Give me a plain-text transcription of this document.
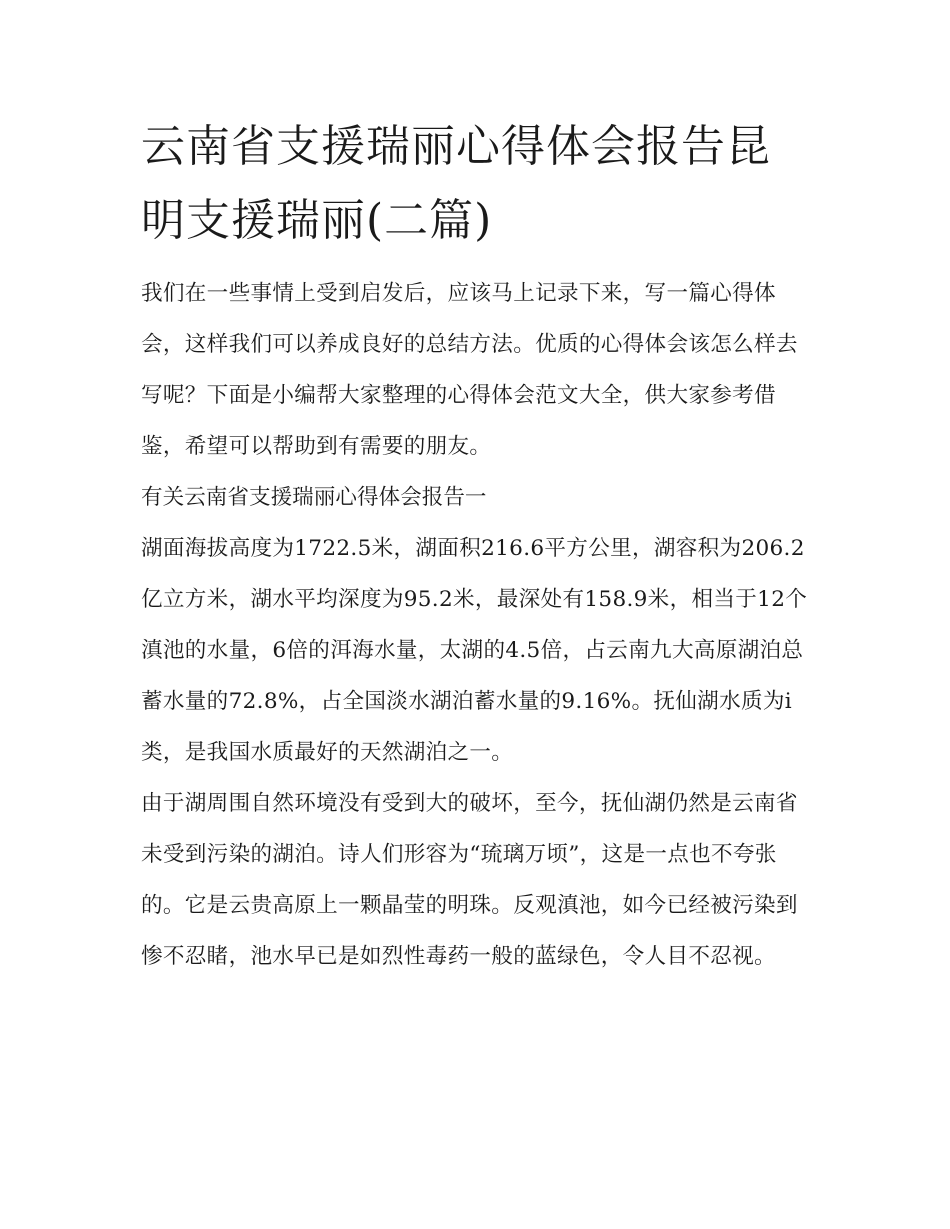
云南省支援瑞丽心得体会报告昆明支援瑞丽(二篇)

我们在一些事情上受到启发后，应该马上记录下来，写一篇心得体会，这样我们可以养成良好的总结方法。优质的心得体会该怎么样去写呢？下面是小编帮大家整理的心得体会范文大全，供大家参考借鉴，希望可以帮助到有需要的朋友。

有关云南省支援瑞丽心得体会报告一

湖面海拔高度为1722.5米，湖面积216.6平方公里，湖容积为206.2亿立方米，湖水平均深度为95.2米，最深处有158.9米，相当于12个滇池的水量，6倍的洱海水量，太湖的4.5倍，占云南九大高原湖泊总蓄水量的72.8%，占全国淡水湖泊蓄水量的9.16%。抚仙湖水质为i类，是我国水质最好的天然湖泊之一。

由于湖周围自然环境没有受到大的破坏，至今，抚仙湖仍然是云南省未受到污染的湖泊。诗人们形容为“琉璃万顷”，这是一点也不夸张的。它是云贵高原上一颗晶莹的明珠。反观滇池，如今已经被污染到惨不忍睹，池水早已是如烈性毒药一般的蓝绿色，令人目不忍视。
